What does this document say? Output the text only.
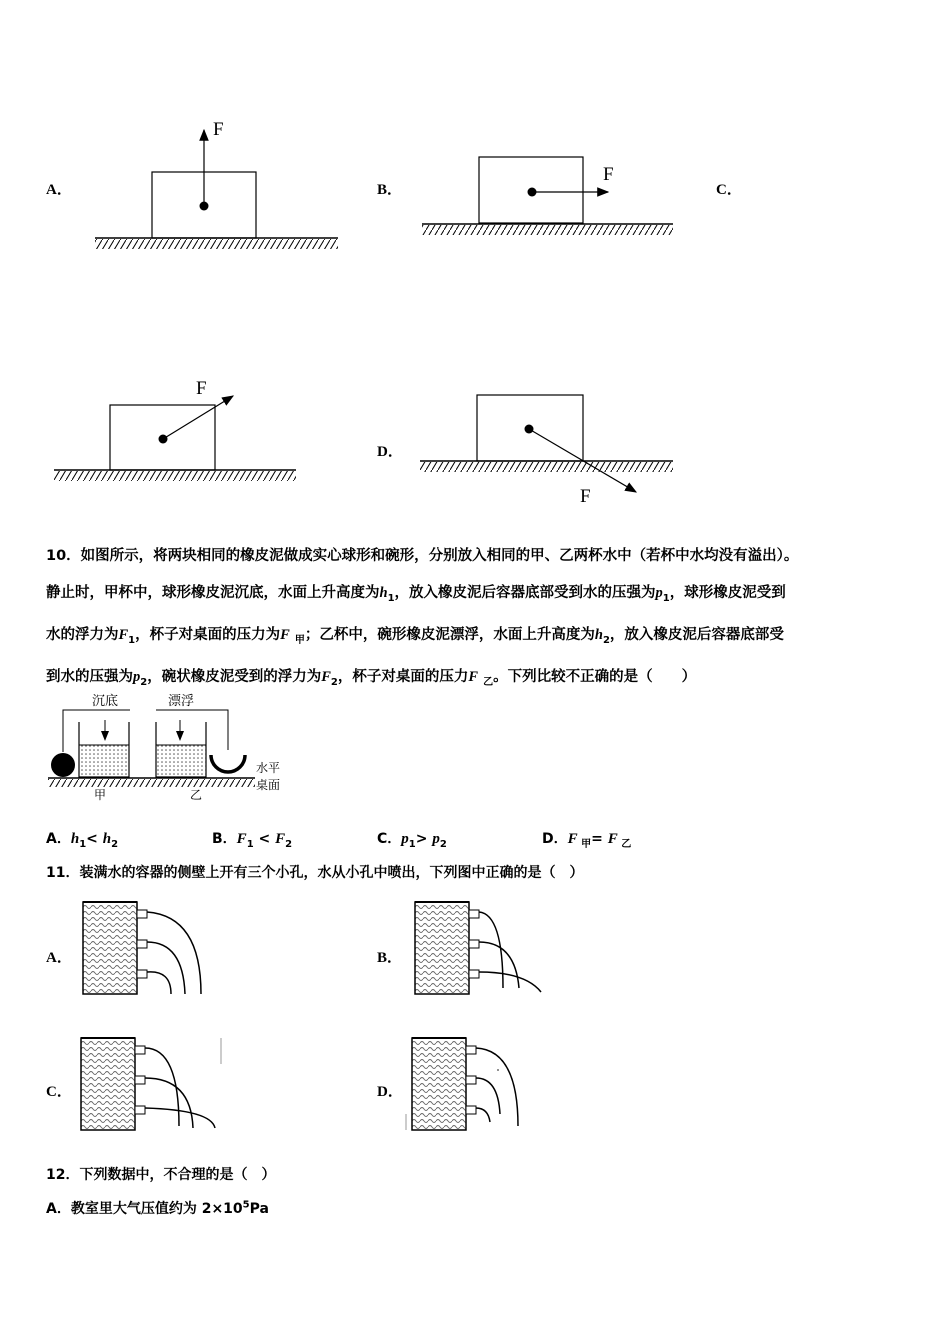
F
F
F
F
沉底	漂浮
甲	乙
水平
桌面
A．	B．	C．
D．
10．如图所示，将两块相同的橡皮泥做成实心球形和碗形，分别放入相同的甲、乙两杯水中（若杯中水均没有溢出）。
静止时，甲杯中，球形橡皮泥沉底，水面上升高度为$h_1$，放入橡皮泥后容器底部受到水的压强为$p_1$，球形橡皮泥受到
水的浮力为$F_1$，杯子对桌面的压力为F $_甲$；乙杯中，碗形橡皮泥漂浮，水面上升高度为$h_2$，放入橡皮泥后容器底部受
到水的压强为$p_2$，碗状橡皮泥受到的浮力为$F_2$，杯子对桌面的压力F $_乙$。下列比较不正确的是（　　）
A．$h_1< h_2$	B．$F_1 < F_2$	C．$p_1> p_2$	D．F $_甲$= F $_乙$
11．装满水的容器的侧壁上开有三个小孔，水从小孔中喷出，下列图中正确的是（　）
A．	B．
C．	D．
12．下列数据中，不合理的是（　）
A．教室里大气压值约为 $2\times 10^5Pa$
